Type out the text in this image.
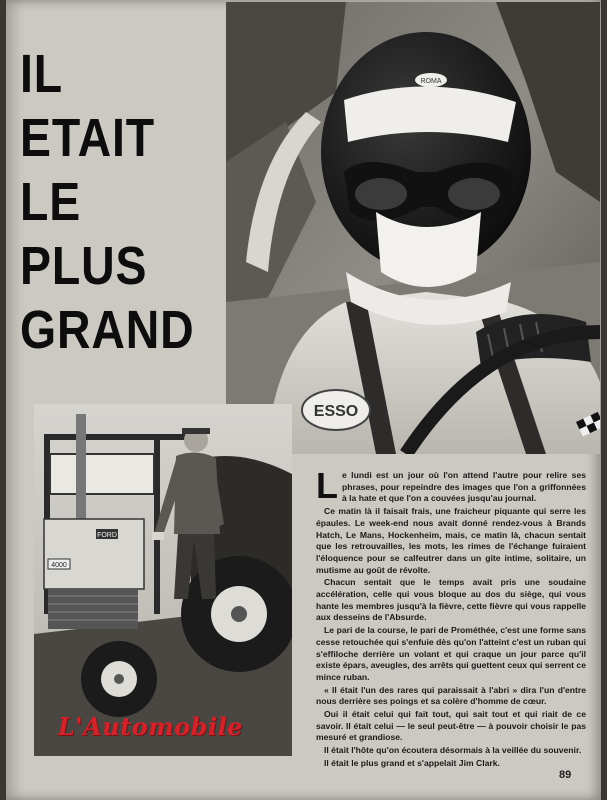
IL
ETAIT
LE
PLUS
GRAND
ROMA
ESSO
FORD
4000
L'Automobile

Le lundi est un jour où l'on attend l'autre pour relire ses phrases, pour repeindre des images que l'on a griffonnées à la hate et que l'on a couvées jusqu'au journal.

Ce matin là il faisait frais, une fraicheur piquante qui serre les épaules. Le week-end nous avait donné rendez-vous à Brands Hatch, Le Mans, Hockenheim, mais, ce matin là, chacun sentait que les retrouvailles, les mots, les rimes de l'échange fuiraient l'éloquence pour se calfeutrer dans un gite intime, solitaire, un mutisme au goût de révolte.

Chacun sentait que le temps avait pris une soudaine accélération, celle qui vous bloque au dos du siège, qui vous hante les membres jusqu'à la fièvre, cette fièvre qui vous rappelle aux desseins de l'Absurde.

Le pari de la course, le pari de Prométhée, c'est une forme sans cesse retouchée qui s'enfuie dès qu'on l'atteint c'est un ruban qui s'effiloche derrière un volant et qui craque un jour parce qu'il existe épars, aveugles, des arrêts qui guettent ceux qui serrent ce mince ruban.

« Il était l'un des rares qui paraissait à l'abri » dira l'un d'entre nous derrière ses poings et sa colère d'homme de cœur.

Oui il était celui qui fait tout, qui sait tout et qui riait de ce savoir. Il était celui — le seul peut-être — à pouvoir choisir le pas mesuré et grandiose.

Il était l'hôte qu'on écoutera désormais à la veillée du souvenir.

Il était le plus grand et s'appelait Jim Clark.

89
